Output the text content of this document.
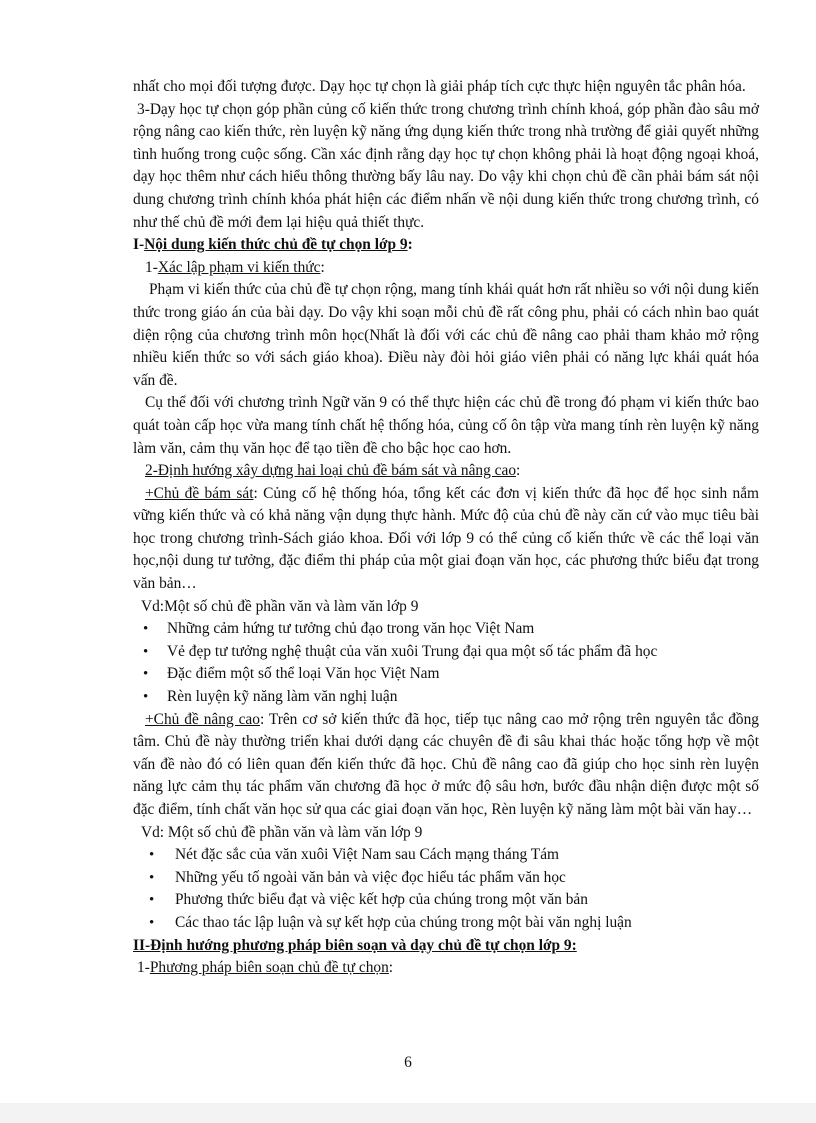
nhất cho mọi đối tượng được. Dạy học tự chọn là giải pháp tích cực thực hiện nguyên tắc phân hóa.

3-Dạy học tự chọn góp phần củng cố kiến thức trong chương trình chính khoá, góp phần đào sâu mở rộng nâng cao kiến thức, rèn luyện kỹ năng ứng dụng kiến thức trong nhà trường để giải quyết những tình huống trong cuộc sống. Cần xác định rằng dạy học tự chọn không phải là hoạt động ngoại khoá, dạy học thêm như cách hiểu thông thường bấy lâu nay. Do vậy khi chọn chủ đề cần phải bám sát nội dung chương trình chính khóa phát hiện các điểm nhấn về nội dung kiến thức trong chương trình, có như thế chủ đề mới đem lại hiệu quả thiết thực.

I-Nội dung kiến thức chủ đề tự chọn lớp 9:

1-Xác lập phạm vi kiến thức:

Phạm vi kiến thức của chủ đề tự chọn rộng, mang tính khái quát hơn rất nhiều so với nội dung kiến thức trong giáo án của bài dạy. Do vậy khi soạn mỗi chủ đề rất công phu, phải có cách nhìn bao quát diện rộng của chương trình môn học(Nhất là đối với các chủ đề nâng cao phải tham khảo mở rộng nhiều kiến thức so với sách giáo khoa). Điều này đòi hỏi giáo viên phải có năng lực khái quát hóa vấn đề.

Cụ thể đối với chương trình Ngữ văn 9 có thể thực hiện các chủ đề trong đó phạm vi kiến thức bao quát toàn cấp học vừa mang tính chất hệ thống hóa, củng cố ôn tập vừa mang tính rèn luyện kỹ năng làm văn, cảm thụ văn học để tạo tiền đề cho bậc học cao hơn.

2-Định hướng xây dựng hai loại chủ đề bám sát và nâng cao:

+Chủ đề bám sát: Củng cố hệ thống hóa, tổng kết các đơn vị kiến thức đã học để học sinh nắm vững kiến thức và có khả năng vận dụng thực hành. Mức độ của chủ đề này căn cứ vào mục tiêu bài học trong chương trình-Sách giáo khoa. Đối với lớp 9 có thể củng cố kiến thức về các thể loại văn học,nội dung tư tưởng, đặc điểm thi pháp của một giai đoạn văn học, các phương thức biểu đạt trong văn bản…

Vd:Một số chủ đề phần văn và làm văn lớp 9

• Những cảm hứng tư tưởng chủ đạo trong văn học Việt Nam
• Vẻ đẹp tư tưởng nghệ thuật của văn xuôi Trung đại qua một số tác phẩm đã học
• Đặc điểm một số thể loại Văn học Việt Nam
• Rèn luyện kỹ năng làm văn nghị luận

+Chủ đề nâng cao: Trên cơ sở kiến thức đã học, tiếp tục nâng cao mở rộng trên nguyên tắc đồng tâm. Chủ đề này thường triển khai dưới dạng các chuyên đề đi sâu khai thác hoặc tổng hợp về một vấn đề nào đó có liên quan đến kiến thức đã học. Chủ đề nâng cao đã giúp cho học sinh rèn luyện năng lực cảm thụ tác phẩm văn chương đã học ở mức độ sâu hơn, bước đầu nhận diện được một số đặc điểm, tính chất văn học sử qua các giai đoạn văn học, Rèn luyện kỹ năng làm một bài văn hay…

Vd: Một số chủ đề phần văn và làm văn lớp 9

• Nét đặc sắc của văn xuôi Việt Nam sau Cách mạng tháng Tám
• Những yếu tố ngoài văn bản và việc đọc hiểu tác phẩm văn học
• Phương thức biểu đạt và việc kết hợp của chúng trong một văn bản
• Các thao tác lập luận và sự kết hợp của chúng trong một bài văn nghị luận

II-Định hướng phương pháp biên soạn và dạy chủ đề tự chọn lớp 9:

1-Phương pháp biên soạn chủ đề tự chọn:

6
